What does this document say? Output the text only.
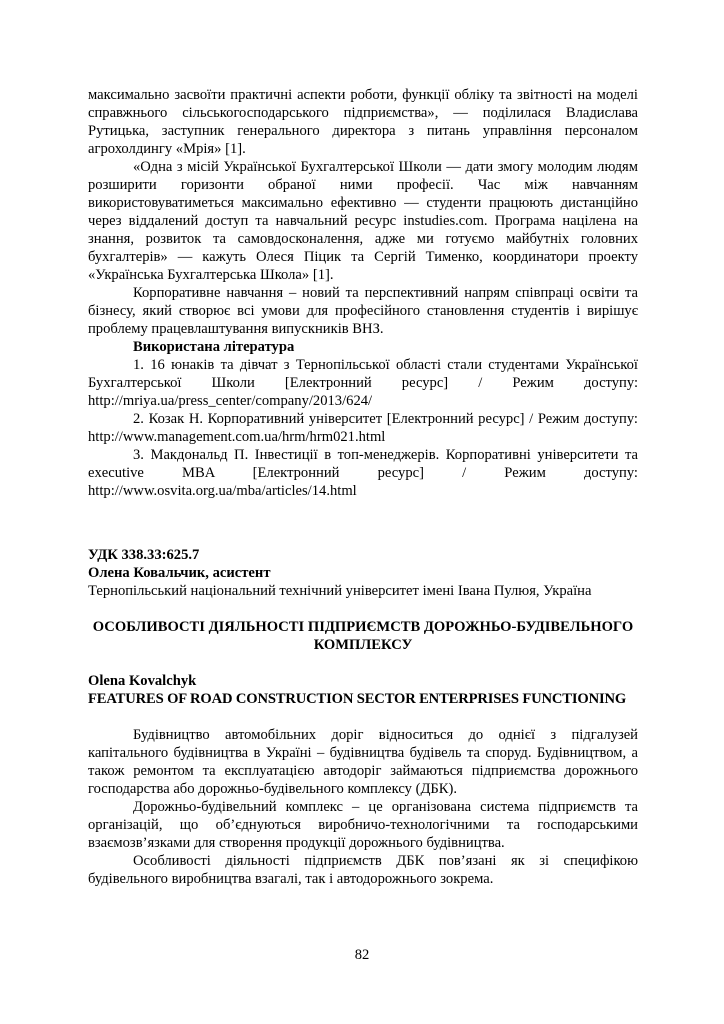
максимально засвоїти практичні аспекти роботи, функції обліку та звітності на моделі справжнього сільськогосподарського підприємства», — поділилася Владислава Рутицька, заступник генерального директора з питань управління персоналом агрохолдингу «Мрія» [1].

«Одна з місій Української Бухгалтерської Школи — дати змогу молодим людям розширити горизонти обраної ними професії. Час між навчанням використовуватиметься максимально ефективно — студенти працюють дистанційно через віддалений доступ та навчальний ресурс instudies.com. Програма націлена на знання, розвиток та самовдосконалення, адже ми готуємо майбутніх головних бухгалтерів» — кажуть Олеся Піцик та Сергій Тименко, координатори проекту «Українська Бухгалтерська Школа» [1].

Корпоративне навчання – новий та перспективний напрям співпраці освіти та бізнесу, який створює всі умови для професійного становлення студентів і вирішує проблему працевлаштування випускників ВНЗ.

Використана література

1. 16 юнаків та дівчат з Тернопільської області стали студентами Української Бухгалтерської Школи [Електронний ресурс] / Режим доступу: http://mriya.ua/press_center/company/2013/624/

2. Козак Н. Корпоративний університет [Електронний ресурс] / Режим доступу: http://www.management.com.ua/hrm/hrm021.html

3. Макдональд П. Інвестиції в топ-менеджерів. Корпоративні університети та executive MBA [Електронний ресурс] / Режим доступу: http://www.osvita.org.ua/mba/articles/14.html

УДК 338.33:625.7
Олена Ковальчик, асистент
Тернопільський національний технічний університет імені Івана Пулюя, Україна
ОСОБЛИВОСТІ ДІЯЛЬНОСТІ ПІДПРИЄМСТВ ДОРОЖНЬО-БУДІВЕЛЬНОГО КОМПЛЕКСУ
Olena Kovalchyk
FEATURES OF ROAD CONSTRUCTION SECTOR ENTERPRISES FUNCTIONING

Будівництво автомобільних доріг відноситься до однієї з підгалузей капітального будівництва в Україні – будівництва будівель та споруд. Будівництвом, а також ремонтом та експлуатацією автодоріг займаються підприємства дорожнього господарства або дорожньо-будівельного комплексу (ДБК).

Дорожньо-будівельний комплекс – це організована система підприємств та організацій, що об’єднуються виробничо-технологічними та господарськими взаємозв’язками для створення продукції дорожнього будівництва.

Особливості діяльності підприємств ДБК пов’язані як зі специфікою будівельного виробництва взагалі, так і автодорожнього зокрема.

82
